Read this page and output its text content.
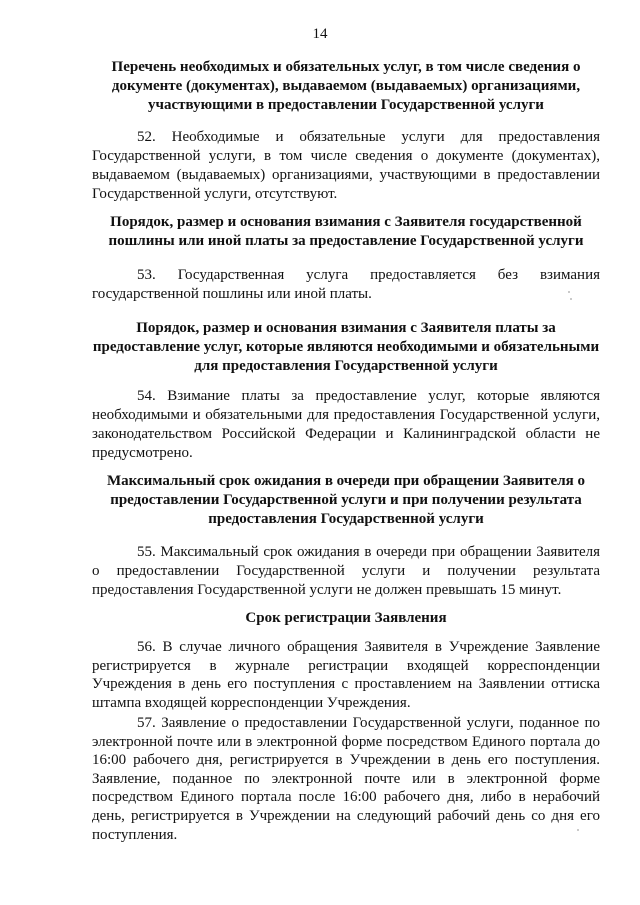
14
Перечень необходимых и обязательных услуг, в том числе сведения о документе (документах), выдаваемом (выдаваемых) организациями, участвующими в предоставлении Государственной услуги
52. Необходимые и обязательные услуги для предоставления Государственной услуги, в том числе сведения о документе (документах), выдаваемом (выдаваемых) организациями, участвующими в предоставлении Государственной услуги, отсутствуют.
Порядок, размер и основания взимания с Заявителя государственной пошлины или иной платы за предоставление Государственной услуги
53. Государственная услуга предоставляется без взимания государственной пошлины или иной платы.
Порядок, размер и основания взимания с Заявителя платы за предоставление услуг, которые являются необходимыми и обязательными для предоставления Государственной услуги
54. Взимание платы за предоставление услуг, которые являются необходимыми и обязательными для предоставления Государственной услуги, законодательством Российской Федерации и Калининградской области не предусмотрено.
Максимальный срок ожидания в очереди при обращении Заявителя о предоставлении Государственной услуги и при получении результата предоставления Государственной услуги
55. Максимальный срок ожидания в очереди при обращении Заявителя о предоставлении Государственной услуги и получении результата предоставления Государственной услуги не должен превышать 15 минут.
Срок регистрации Заявления
56. В случае личного обращения Заявителя в Учреждение Заявление регистрируется в журнале регистрации входящей корреспонденции Учреждения в день его поступления с проставлением на Заявлении оттиска штампа входящей корреспонденции Учреждения.
57. Заявление о предоставлении Государственной услуги, поданное по электронной почте или в электронной форме посредством Единого портала до 16:00 рабочего дня, регистрируется в Учреждении в день его поступления. Заявление, поданное по электронной почте или в электронной форме посредством Единого портала после 16:00 рабочего дня, либо в нерабочий день, регистрируется в Учреждении на следующий рабочий день со дня его поступления.
